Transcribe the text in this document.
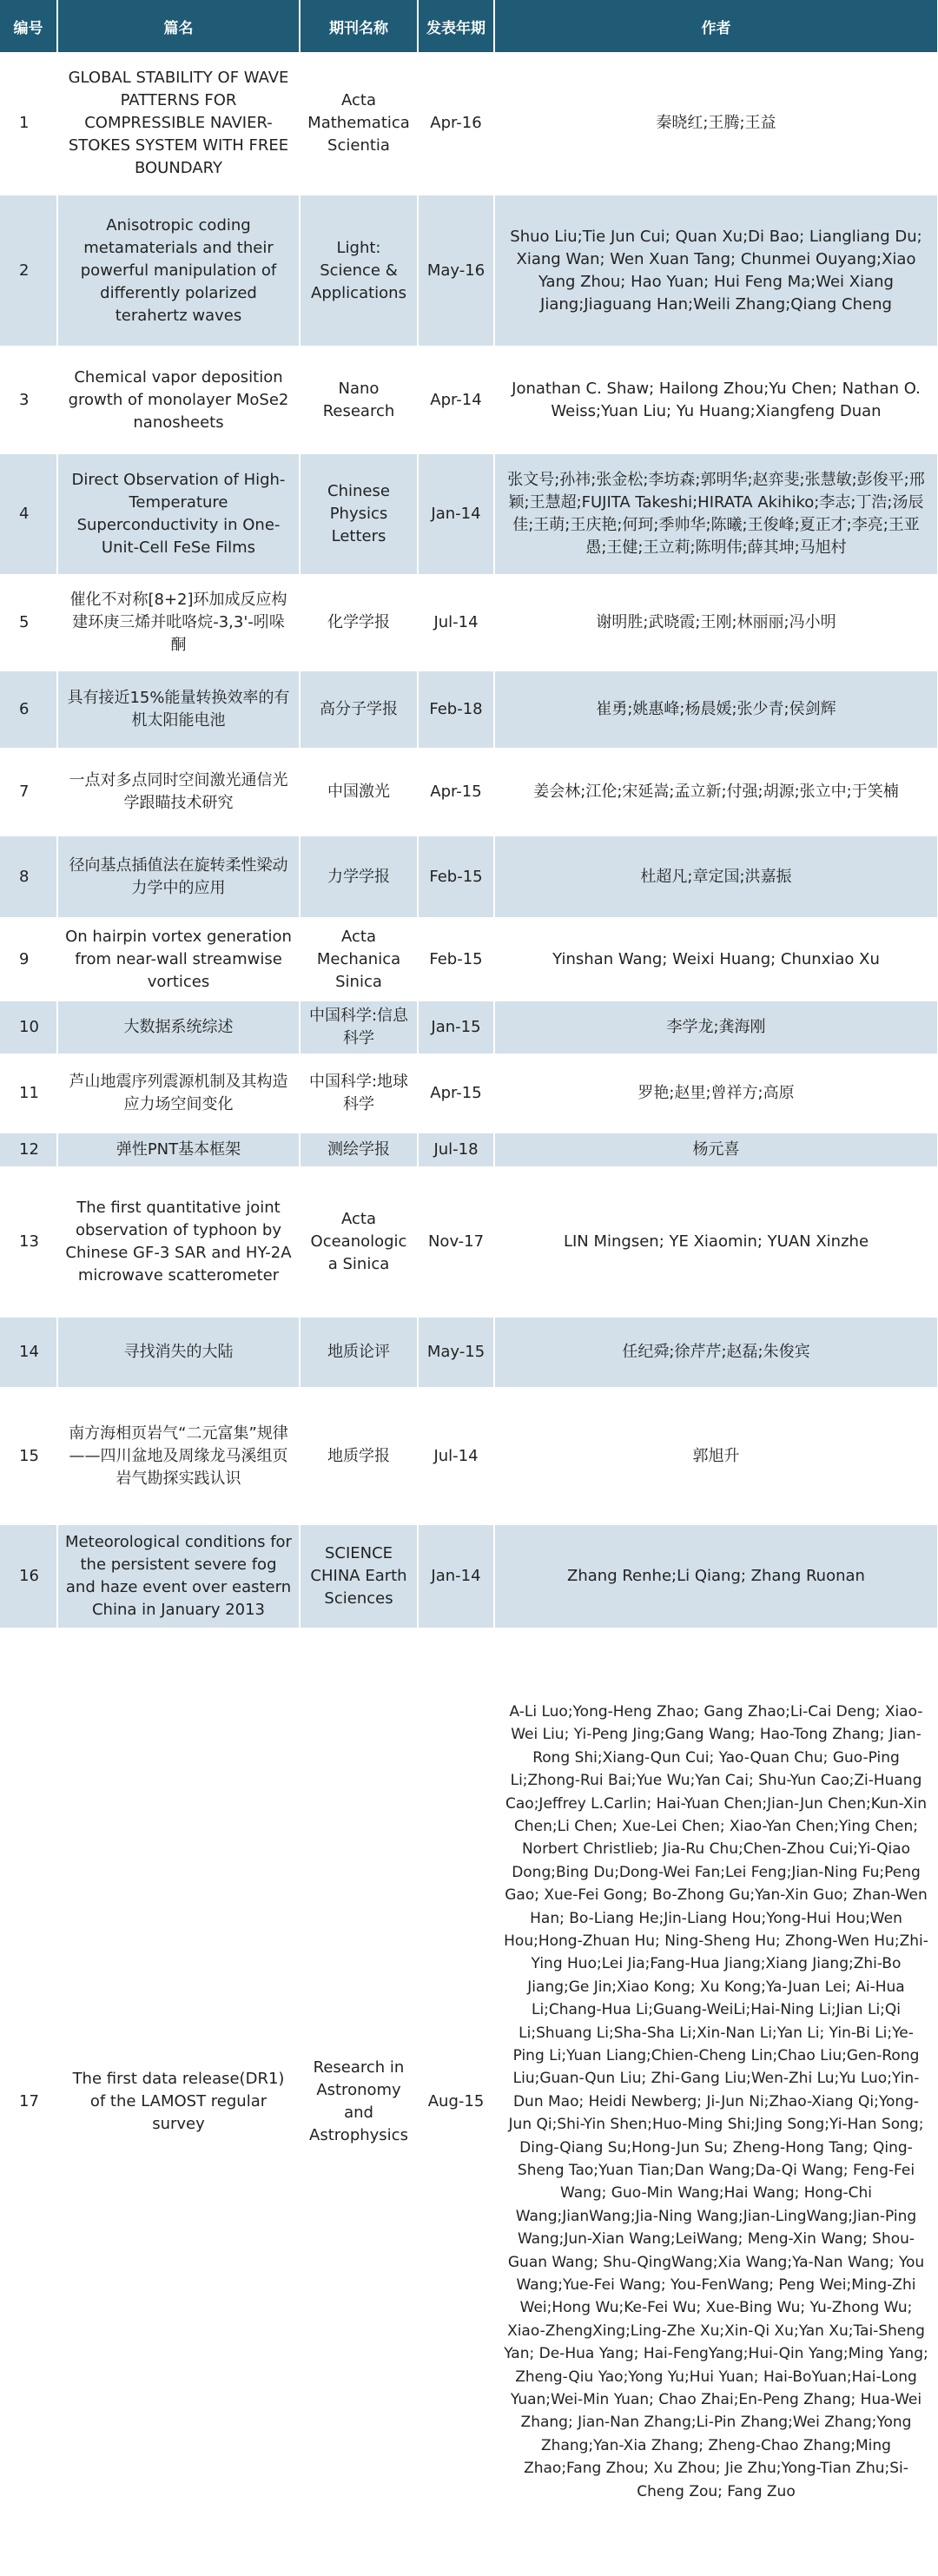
编号	篇名	期刊名称	发表年期	作者
1	GLOBAL STABILITY OF WAVE PATTERNS FOR COMPRESSIBLE NAVIER-STOKES SYSTEM WITH FREE BOUNDARY	Acta Mathematica Scientia	Apr-16	秦晓红;王腾;王益
2	Anisotropic coding metamaterials and their powerful manipulation of differently polarized terahertz waves	Light: Science & Applications	May-16	Shuo Liu;Tie Jun Cui; Quan Xu;Di Bao; Liangliang Du; Xiang Wan; Wen Xuan Tang; Chunmei Ouyang;Xiao Yang Zhou; Hao Yuan; Hui Feng Ma;Wei Xiang Jiang;Jiaguang Han;Weili Zhang;Qiang Cheng
3	Chemical vapor deposition growth of monolayer MoSe2 nanosheets	Nano Research	Apr-14	Jonathan C. Shaw; Hailong Zhou;Yu Chen; Nathan O. Weiss;Yuan Liu; Yu Huang;Xiangfeng Duan
4	Direct Observation of High-Temperature Superconductivity in One-Unit-Cell FeSe Films	Chinese Physics Letters	Jan-14	张文号;孙祎;张金松;李坊森;郭明华;赵弈斐;张慧敏;彭俊平;邢颖;王慧超;FUJITA Takeshi;HIRATA Akihiko;李志;丁浩;汤辰佳;王萌;王庆艳;何珂;季帅华;陈曦;王俊峰;夏正才;李亮;王亚愚;王健;王立莉;陈明伟;薛其坤;马旭村
5	催化不对称[8+2]环加成反应构建环庚三烯并吡咯烷-3,3'-吲哚酮	化学学报	Jul-14	谢明胜;武晓霞;王刚;林丽丽;冯小明
6	具有接近15%能量转换效率的有机太阳能电池	高分子学报	Feb-18	崔勇;姚惠峰;杨晨媛;张少青;侯剑辉
7	一点对多点同时空间激光通信光学跟瞄技术研究	中国激光	Apr-15	姜会林;江伦;宋延嵩;孟立新;付强;胡源;张立中;于笑楠
8	径向基点插值法在旋转柔性梁动力学中的应用	力学学报	Feb-15	杜超凡;章定国;洪嘉振
9	On hairpin vortex generation from near-wall streamwise vortices	Acta Mechanica Sinica	Feb-15	Yinshan Wang; Weixi Huang; Chunxiao Xu
10	大数据系统综述	中国科学:信息科学	Jan-15	李学龙;龚海刚
11	芦山地震序列震源机制及其构造应力场空间变化	中国科学:地球科学	Apr-15	罗艳;赵里;曾祥方;高原
12	弹性PNT基本框架	测绘学报	Jul-18	杨元喜
13	The first quantitative joint observation of typhoon by Chinese GF-3 SAR and HY-2A microwave scatterometer	Acta Oceanologica Sinica	Nov-17	LIN Mingsen; YE Xiaomin; YUAN Xinzhe
14	寻找消失的大陆	地质论评	May-15	任纪舜;徐芹芹;赵磊;朱俊宾
15	南方海相页岩气“二元富集”规律——四川盆地及周缘龙马溪组页岩气勘探实践认识	地质学报	Jul-14	郭旭升
16	Meteorological conditions for the persistent severe fog and haze event over eastern China in January 2013	SCIENCE CHINA Earth Sciences	Jan-14	Zhang Renhe;Li Qiang; Zhang Ruonan
17	The first data release(DR1) of the LAMOST regular survey	Research in Astronomy and Astrophysics	Aug-15	A-Li Luo;Yong-Heng Zhao; Gang Zhao;Li-Cai Deng; Xiao-Wei Liu; Yi-Peng Jing;Gang Wang; Hao-Tong Zhang; Jian-Rong Shi;Xiang-Qun Cui; Yao-Quan Chu; Guo-Ping Li;Zhong-Rui Bai;Yue Wu;Yan Cai; Shu-Yun Cao;Zi-Huang Cao;Jeffrey L.Carlin; Hai-Yuan Chen;Jian-Jun Chen;Kun-Xin Chen;Li Chen; Xue-Lei Chen; Xiao-Yan Chen;Ying Chen; Norbert Christlieb; Jia-Ru Chu;Chen-Zhou Cui;Yi-Qiao Dong;Bing Du;Dong-Wei Fan;Lei Feng;Jian-Ning Fu;Peng Gao; Xue-Fei Gong; Bo-Zhong Gu;Yan-Xin Guo; Zhan-Wen Han; Bo-Liang He;Jin-Liang Hou;Yong-Hui Hou;Wen Hou;Hong-Zhuan Hu; Ning-Sheng Hu; Zhong-Wen Hu;Zhi-Ying Huo;Lei Jia;Fang-Hua Jiang;Xiang Jiang;Zhi-Bo Jiang;Ge Jin;Xiao Kong; Xu Kong;Ya-Juan Lei; Ai-Hua Li;Chang-Hua Li;Guang-WeiLi;Hai-Ning Li;Jian Li;Qi Li;Shuang Li;Sha-Sha Li;Xin-Nan Li;Yan Li; Yin-Bi Li;Ye-Ping Li;Yuan Liang;Chien-Cheng Lin;Chao Liu;Gen-Rong Liu;Guan-Qun Liu; Zhi-Gang Liu;Wen-Zhi Lu;Yu Luo;Yin-Dun Mao; Heidi Newberg; Ji-Jun Ni;Zhao-Xiang Qi;Yong-Jun Qi;Shi-Yin Shen;Huo-Ming Shi;Jing Song;Yi-Han Song; Ding-Qiang Su;Hong-Jun Su; Zheng-Hong Tang; Qing-Sheng Tao;Yuan Tian;Dan Wang;Da-Qi Wang; Feng-Fei Wang; Guo-Min Wang;Hai Wang; Hong-Chi Wang;JianWang;Jia-Ning Wang;Jian-LingWang;Jian-Ping Wang;Jun-Xian Wang;LeiWang; Meng-Xin Wang; Shou-Guan Wang; Shu-QingWang;Xia Wang;Ya-Nan Wang; You Wang;Yue-Fei Wang; You-FenWang; Peng Wei;Ming-Zhi Wei;Hong Wu;Ke-Fei Wu; Xue-Bing Wu; Yu-Zhong Wu; Xiao-ZhengXing;Ling-Zhe Xu;Xin-Qi Xu;Yan Xu;Tai-Sheng Yan; De-Hua Yang; Hai-FengYang;Hui-Qin Yang;Ming Yang; Zheng-Qiu Yao;Yong Yu;Hui Yuan; Hai-BoYuan;Hai-Long Yuan;Wei-Min Yuan; Chao Zhai;En-Peng Zhang; Hua-Wei Zhang; Jian-Nan Zhang;Li-Pin Zhang;Wei Zhang;Yong Zhang;Yan-Xia Zhang; Zheng-Chao Zhang;Ming Zhao;Fang Zhou; Xu Zhou; Jie Zhu;Yong-Tian Zhu;Si-Cheng Zou; Fang Zuo
